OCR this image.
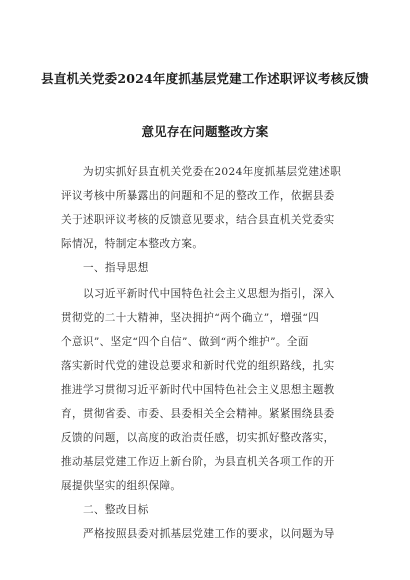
县直机关党委2024年度抓基层党建工作述职评议考核反馈
意见存在问题整改方案
为切实抓好县直机关党委在2024年度抓基层党建述职
评议考核中所暴露出的问题和不足的整改工作，依据县委
关于述职评议考核的反馈意见要求，结合县直机关党委实
际情况，特制定本整改方案。
一、指导思想
以习近平新时代中国特色社会主义思想为指引，深入
贯彻党的二十大精神，坚决拥护“两个确立”，增强“四
个意识”、坚定“四个自信”、做到“两个维护”。全面
落实新时代党的建设总要求和新时代党的组织路线，扎实
推进学习贯彻习近平新时代中国特色社会主义思想主题教
育，贯彻省委、市委、县委相关全会精神。紧紧围绕县委
反馈的问题，以高度的政治责任感，切实抓好整改落实，
推动基层党建工作迈上新台阶，为县直机关各项工作的开
展提供坚实的组织保障。
二、整改目标
严格按照县委对抓基层党建工作的要求，以问题为导
